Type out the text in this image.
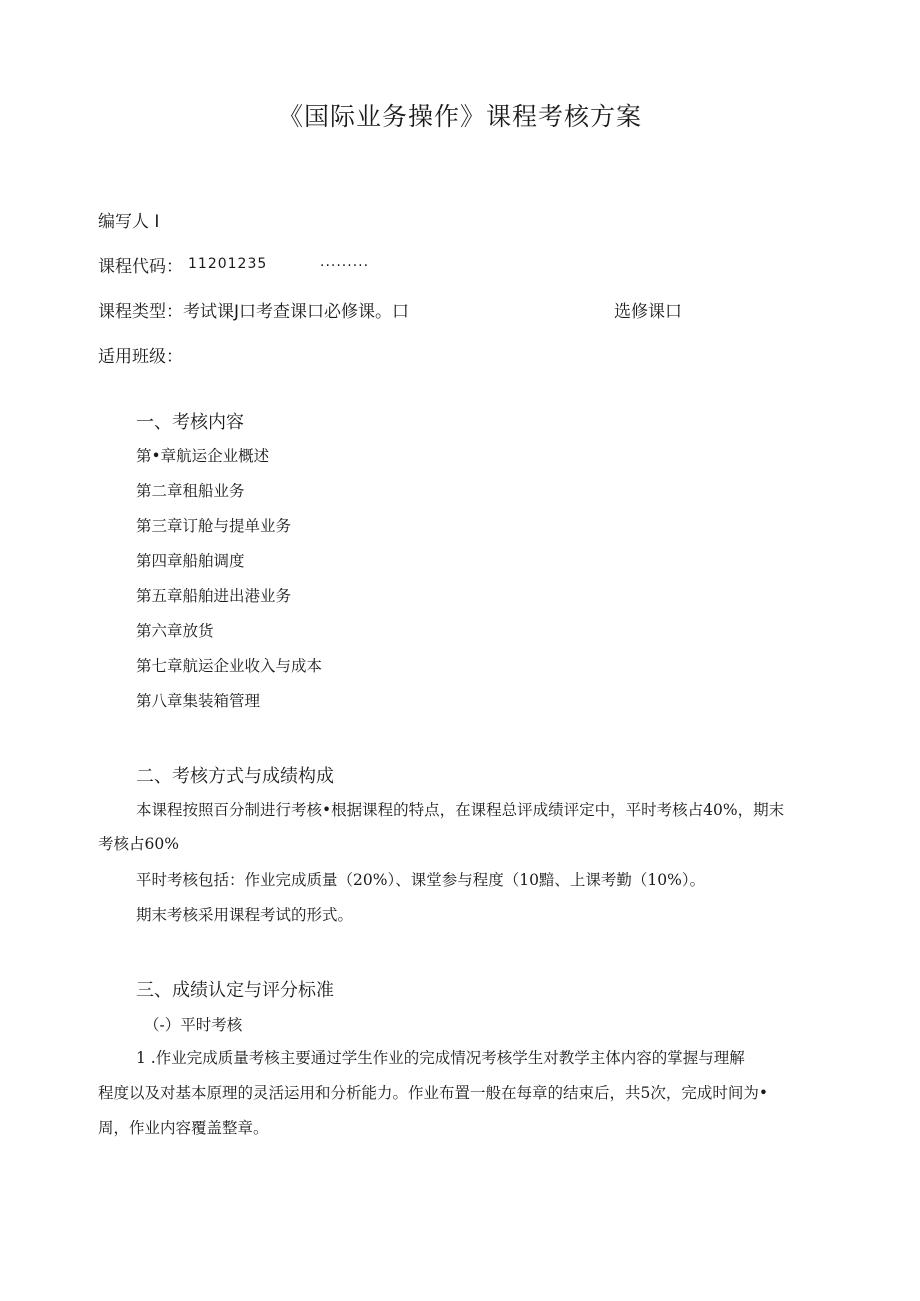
《国际业务操作》课程考核方案
编写人 I
课程代码： 11201235	.........
课程类型：考试课J口考查课口必修课。口	选修课口
适用班级：
一、考核内容
第•章航运企业概述
第二章租船业务
第三章订舱与提单业务
第四章船舶调度
第五章船舶进出港业务
第六章放货
第七章航运企业收入与成本
第八章集装箱管理
二、考核方式与成绩构成
本课程按照百分制进行考核•根据课程的特点，在课程总评成绩评定中，平时考核占40%，期末
考核占60%
平时考核包括：作业完成质量（20%）、课堂参与程度（10黯、上课考勤（10%）。
期末考核采用课程考试的形式。
三、成绩认定与评分标准
（-）平时考核
1 .作业完成质量考核主要通过学生作业的完成情况考核学生对教学主体内容的掌握与理解
程度以及对基本原理的灵活运用和分析能力。作业布置一般在每章的结束后，共5次，完成时间为•
周，作业内容覆盖整章。
